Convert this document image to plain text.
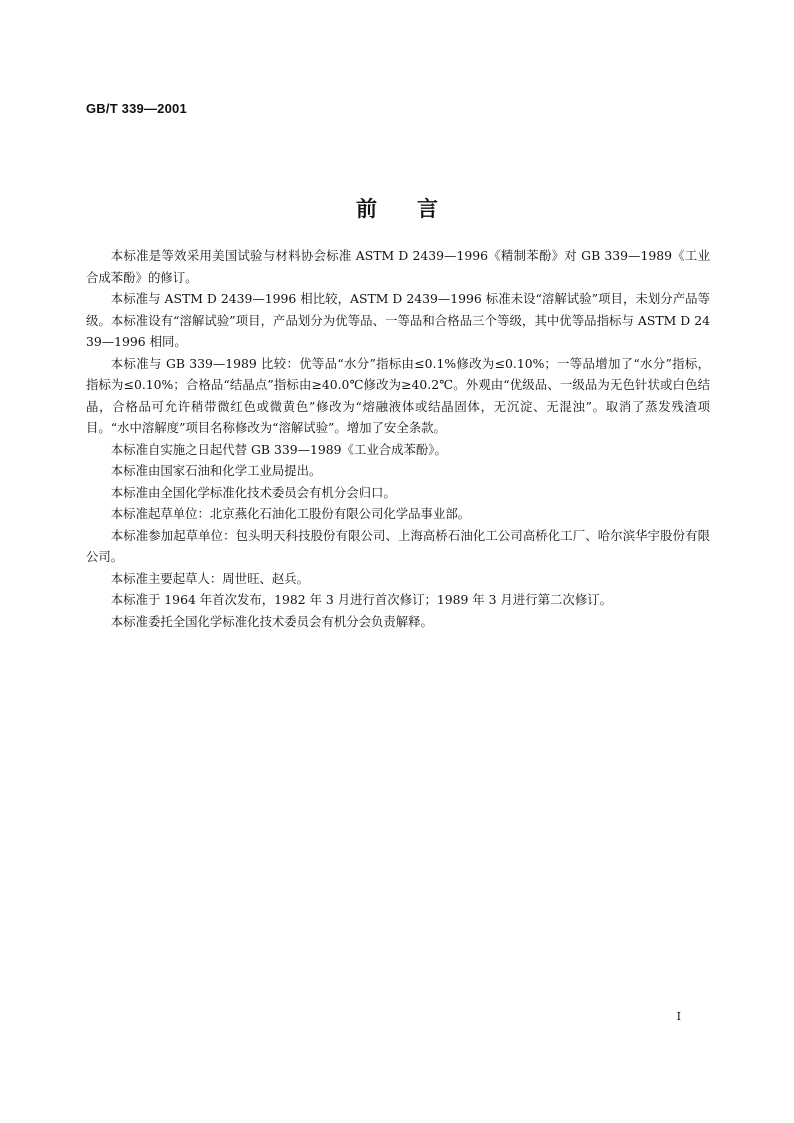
GB/T 339—2001
前言

本标准是等效采用美国试验与材料协会标准 ASTM D 2439—1996《精制苯酚》对 GB 339—1989《工业合成苯酚》的修订。

本标准与 ASTM D 2439—1996 相比较，ASTM D 2439—1996 标准未设“溶解试验”项目，未划分产品等级。本标准设有“溶解试验”项目，产品划分为优等品、一等品和合格品三个等级，其中优等品指标与 ASTM D 2439—1996 相同。

本标准与 GB 339—1989 比较：优等品“水分”指标由≤0.1%修改为≤0.10%；一等品增加了“水分”指标，指标为≤0.10%；合格品“结晶点”指标由≥40.0℃修改为≥40.2℃。外观由“优级品、一级品为无色针状或白色结晶，合格品可允许稍带微红色或微黄色”修改为“熔融液体或结晶固体，无沉淀、无混浊”。取消了蒸发残渣项目。“水中溶解度”项目名称修改为“溶解试验”。增加了安全条款。

本标准自实施之日起代替 GB 339—1989《工业合成苯酚》。

本标准由国家石油和化学工业局提出。

本标准由全国化学标准化技术委员会有机分会归口。

本标准起草单位：北京燕化石油化工股份有限公司化学品事业部。

本标准参加起草单位：包头明天科技股份有限公司、上海高桥石油化工公司高桥化工厂、哈尔滨华宇股份有限公司。

本标准主要起草人：周世旺、赵兵。

本标准于 1964 年首次发布，1982 年 3 月进行首次修订；1989 年 3 月进行第二次修订。

本标准委托全国化学标准化技术委员会有机分会负责解释。

I
